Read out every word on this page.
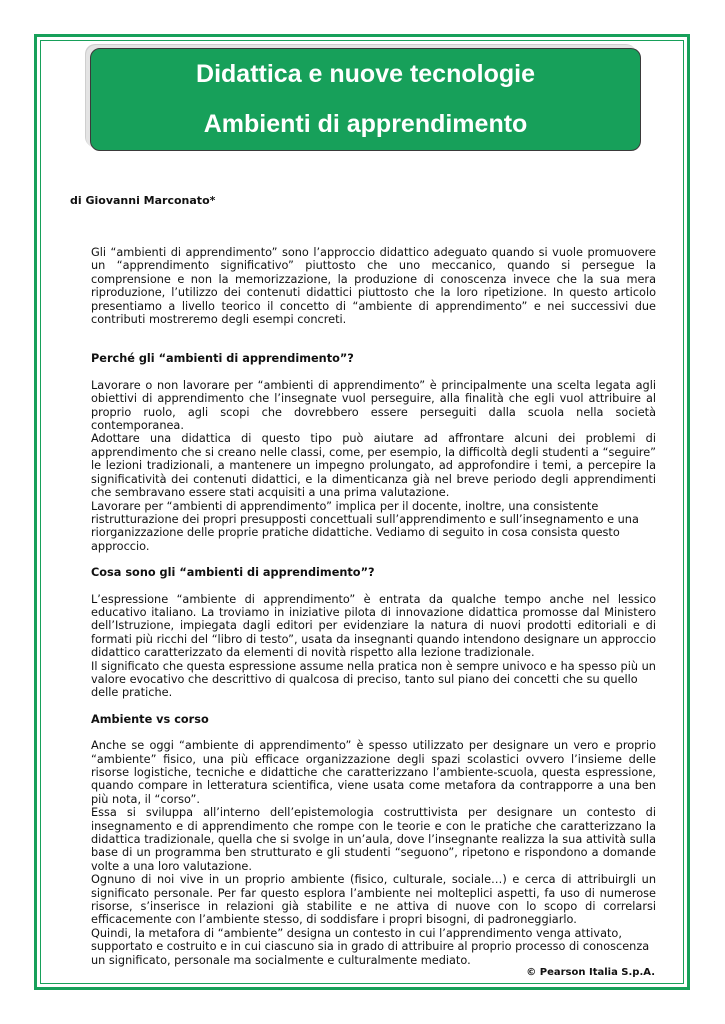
Didattica e nuove tecnologie
Ambienti di apprendimento
di Giovanni Marconato*

Gli “ambienti di apprendimento” sono l’approccio didattico adeguato quando si vuole promuovere un “apprendimento significativo” piuttosto che uno meccanico, quando si persegue la comprensione e non la memorizzazione, la produzione di conoscenza invece che la sua mera riproduzione, l’utilizzo dei contenuti didattici piuttosto che la loro ripetizione. In questo articolo presentiamo a livello teorico il concetto di “ambiente di apprendimento” e nei successivi due contributi mostreremo degli esempi concreti.

Perché gli “ambienti di apprendimento”?

Lavorare o non lavorare per “ambienti di apprendimento” è principalmente una scelta legata agli obiettivi di apprendimento che l’insegnate vuol perseguire, alla finalità che egli vuol attribuire al proprio ruolo, agli scopi che dovrebbero essere perseguiti dalla scuola nella società contemporanea.

Adottare una didattica di questo tipo può aiutare ad affrontare alcuni dei problemi di apprendimento che si creano nelle classi, come, per esempio, la difficoltà degli studenti a “seguire” le lezioni tradizionali, a mantenere un impegno prolungato, ad approfondire i temi, a percepire la significatività dei contenuti didattici, e la dimenticanza già nel breve periodo degli apprendimenti che sembravano essere stati acquisiti a una prima valutazione.

Lavorare per “ambienti di apprendimento” implica per il docente, inoltre, una consistente ristrutturazione dei propri presupposti concettuali sull’apprendimento e sull’insegnamento e una riorganizzazione delle proprie pratiche didattiche. Vediamo di seguito in cosa consista questo approccio.

Cosa sono gli “ambienti di apprendimento”?

L’espressione “ambiente di apprendimento” è entrata da qualche tempo anche nel lessico educativo italiano. La troviamo in iniziative pilota di innovazione didattica promosse dal Ministero dell’Istruzione, impiegata dagli editori per evidenziare la natura di nuovi prodotti editoriali e di formati più ricchi del “libro di testo”, usata da insegnanti quando intendono designare un approccio didattico caratterizzato da elementi di novità rispetto alla lezione tradizionale.

Il significato che questa espressione assume nella pratica non è sempre univoco e ha spesso più un valore evocativo che descrittivo di qualcosa di preciso, tanto sul piano dei concetti che su quello delle pratiche.

Ambiente vs corso

Anche se oggi “ambiente di apprendimento” è spesso utilizzato per designare un vero e proprio “ambiente” fisico, una più efficace organizzazione degli spazi scolastici ovvero l’insieme delle risorse logistiche, tecniche e didattiche che caratterizzano l’ambiente-scuola, questa espressione, quando compare in letteratura scientifica, viene usata come metafora da contrapporre a una ben più nota, il “corso”.

Essa si sviluppa all’interno dell’epistemologia costruttivista per designare un contesto di insegnamento e di apprendimento che rompe con le teorie e con le pratiche che caratterizzano la didattica tradizionale, quella che si svolge in un’aula, dove l’insegnante realizza la sua attività sulla base di un programma ben strutturato e gli studenti “seguono”, ripetono e rispondono a domande volte a una loro valutazione.

Ognuno di noi vive in un proprio ambiente (fisico, culturale, sociale…) e cerca di attribuirgli un significato personale. Per far questo esplora l’ambiente nei molteplici aspetti, fa uso di numerose risorse, s’inserisce in relazioni già stabilite e ne attiva di nuove con lo scopo di correlarsi efficacemente con l’ambiente stesso, di soddisfare i propri bisogni, di padroneggiarlo.

Quindi, la metafora di “ambiente” designa un contesto in cui l’apprendimento venga attivato, supportato e costruito e in cui ciascuno sia in grado di attribuire al proprio processo di conoscenza un significato, personale ma socialmente e culturalmente mediato.

© Pearson Italia S.p.A.
